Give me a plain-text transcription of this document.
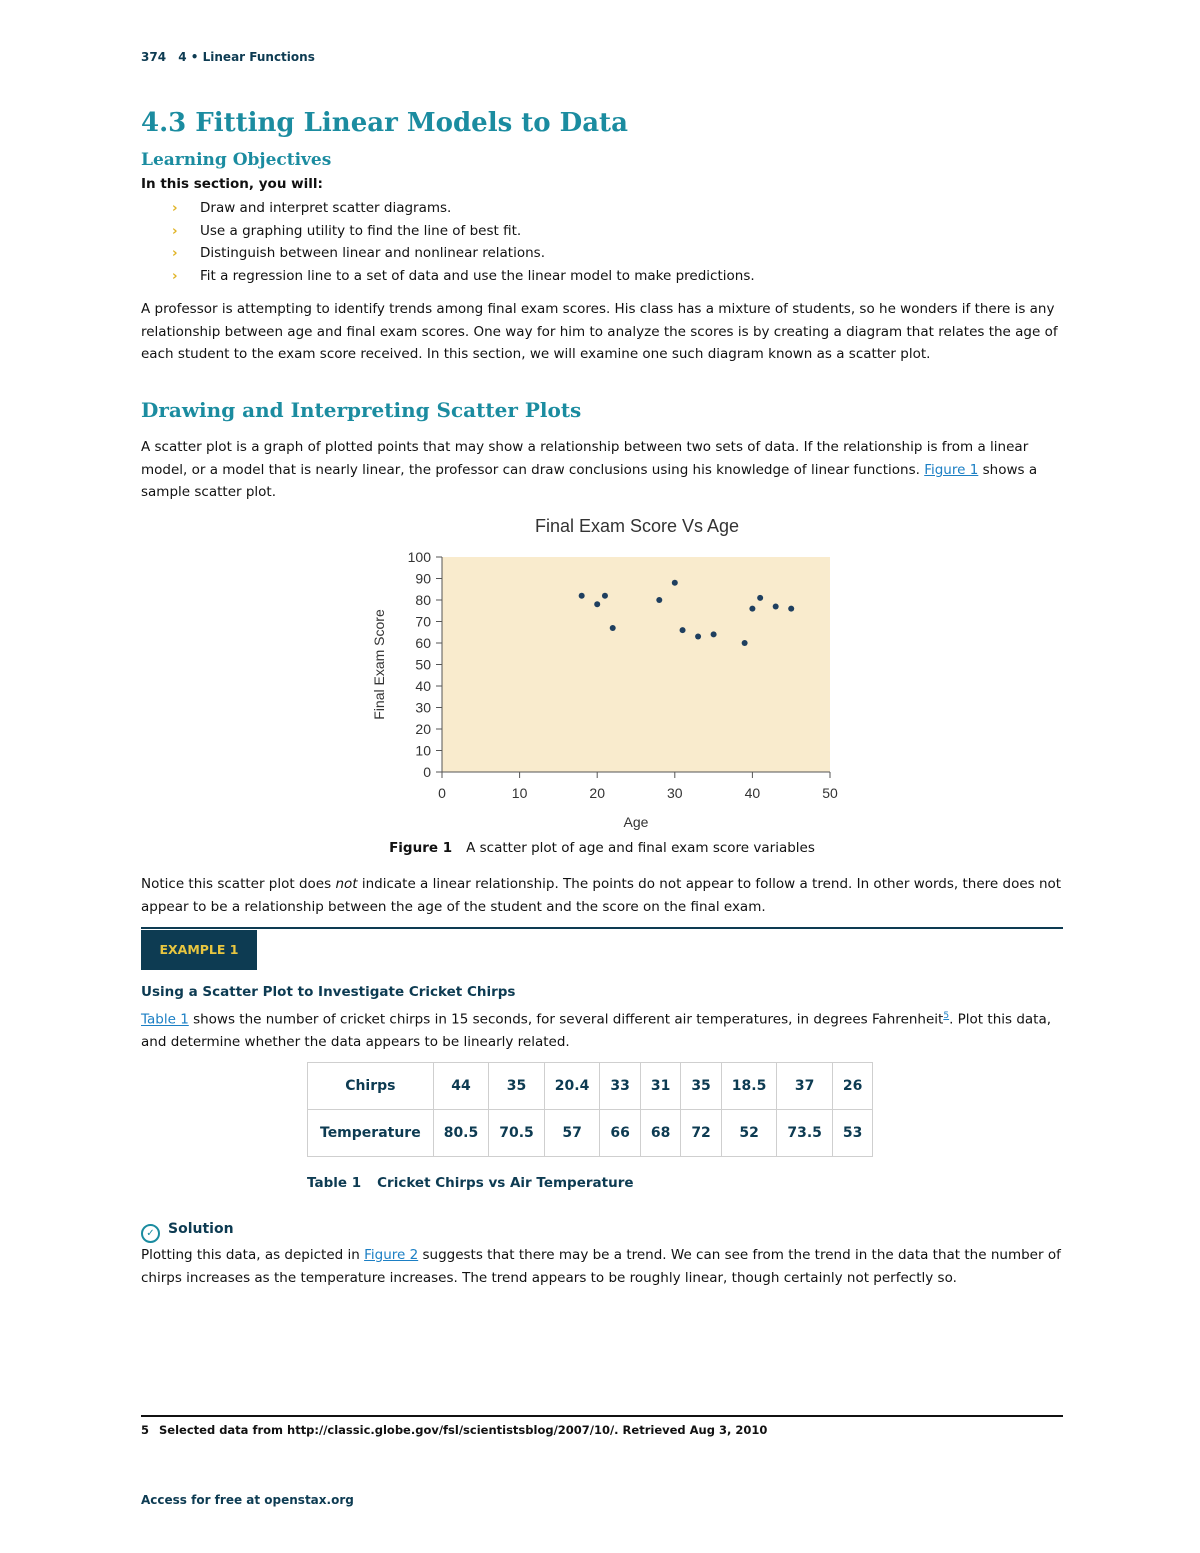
374 4 • Linear Functions
4.3 Fitting Linear Models to Data
Learning Objectives
In this section, you will:
› Draw and interpret scatter diagrams.
› Use a graphing utility to find the line of best fit.
› Distinguish between linear and nonlinear relations.
› Fit a regression line to a set of data and use the linear model to make predictions.

A professor is attempting to identify trends among final exam scores. His class has a mixture of students, so he wonders if there is any relationship between age and final exam scores. One way for him to analyze the scores is by creating a diagram that relates the age of each student to the exam score received. In this section, we will examine one such diagram known as a scatter plot.

Drawing and Interpreting Scatter Plots

A scatter plot is a graph of plotted points that may show a relationship between two sets of data. If the relationship is from a linear model, or a model that is nearly linear, the professor can draw conclusions using his knowledge of linear functions. Figure 1 shows a sample scatter plot.

Final Exam Score Vs Age
0
10
20
30
40
50
60
70
80
90
100
0	10	20	30	40	50
Age
Final Exam Score
Figure 1 A scatter plot of age and final exam score variables

Notice this scatter plot does not indicate a linear relationship. The points do not appear to follow a trend. In other words, there does not appear to be a relationship between the age of the student and the score on the final exam.

EXAMPLE 1
Using a Scatter Plot to Investigate Cricket Chirps

Table 1 shows the number of cricket chirps in 15 seconds, for several different air temperatures, in degrees Fahrenheit$^5$. Plot this data, and determine whether the data appears to be linearly related.

Chirps	44	35	20.4	33	31	35	18.5	37	26
Temperature	80.5	70.5	57	66	68	72	52	73.5	53
Table 1 Cricket Chirps vs Air Temperature
✓ Solution

Plotting this data, as depicted in Figure 2 suggests that there may be a trend. We can see from the trend in the data that the number of chirps increases as the temperature increases. The trend appears to be roughly linear, though certainly not perfectly so.

5 Selected data from http://classic.globe.gov/fsl/scientistsblog/2007/10/. Retrieved Aug 3, 2010
Access for free at openstax.org
